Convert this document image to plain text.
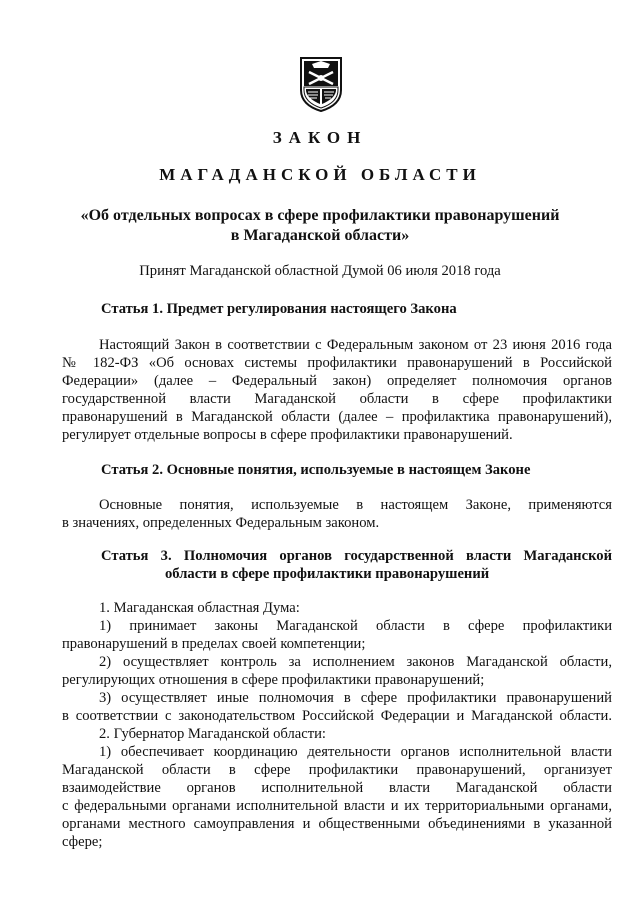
ЗАКОН
МАГАДАНСКОЙ ОБЛАСТИ
«Об отдельных вопросах в сфере профилактики правонарушений
в Магаданской области»
Принят Магаданской областной Думой 06 июля 2018 года
Статья 1. Предмет регулирования настоящего Закона
Настоящий Закон в соответствии с Федеральным законом от 23 июня 2016 года
№ 182-ФЗ «Об основах системы профилактики правонарушений в Российской
Федерации» (далее – Федеральный закон) определяет полномочия органов
государственной власти Магаданской области в сфере профилактики
правонарушений в Магаданской области (далее – профилактика правонарушений),
регулирует отдельные вопросы в сфере профилактики правонарушений.
Статья 2. Основные понятия, используемые в настоящем Законе
Основные понятия, используемые в настоящем Законе, применяются
в значениях, определенных Федеральным законом.
Статья 3. Полномочия органов государственной власти Магаданской
области в сфере профилактики правонарушений
1. Магаданская областная Дума:
1) принимает законы Магаданской области в сфере профилактики
правонарушений в пределах своей компетенции;
2) осуществляет контроль за исполнением законов Магаданской области,
регулирующих отношения в сфере профилактики правонарушений;
3) осуществляет иные полномочия в сфере профилактики правонарушений
в соответствии с законодательством Российской Федерации и Магаданской области.
2. Губернатор Магаданской области:
1) обеспечивает координацию деятельности органов исполнительной власти
Магаданской области в сфере профилактики правонарушений, организует
взаимодействие органов исполнительной власти Магаданской области
с федеральными органами исполнительной власти и их территориальными органами,
органами местного самоуправления и общественными объединениями в указанной
сфере;
